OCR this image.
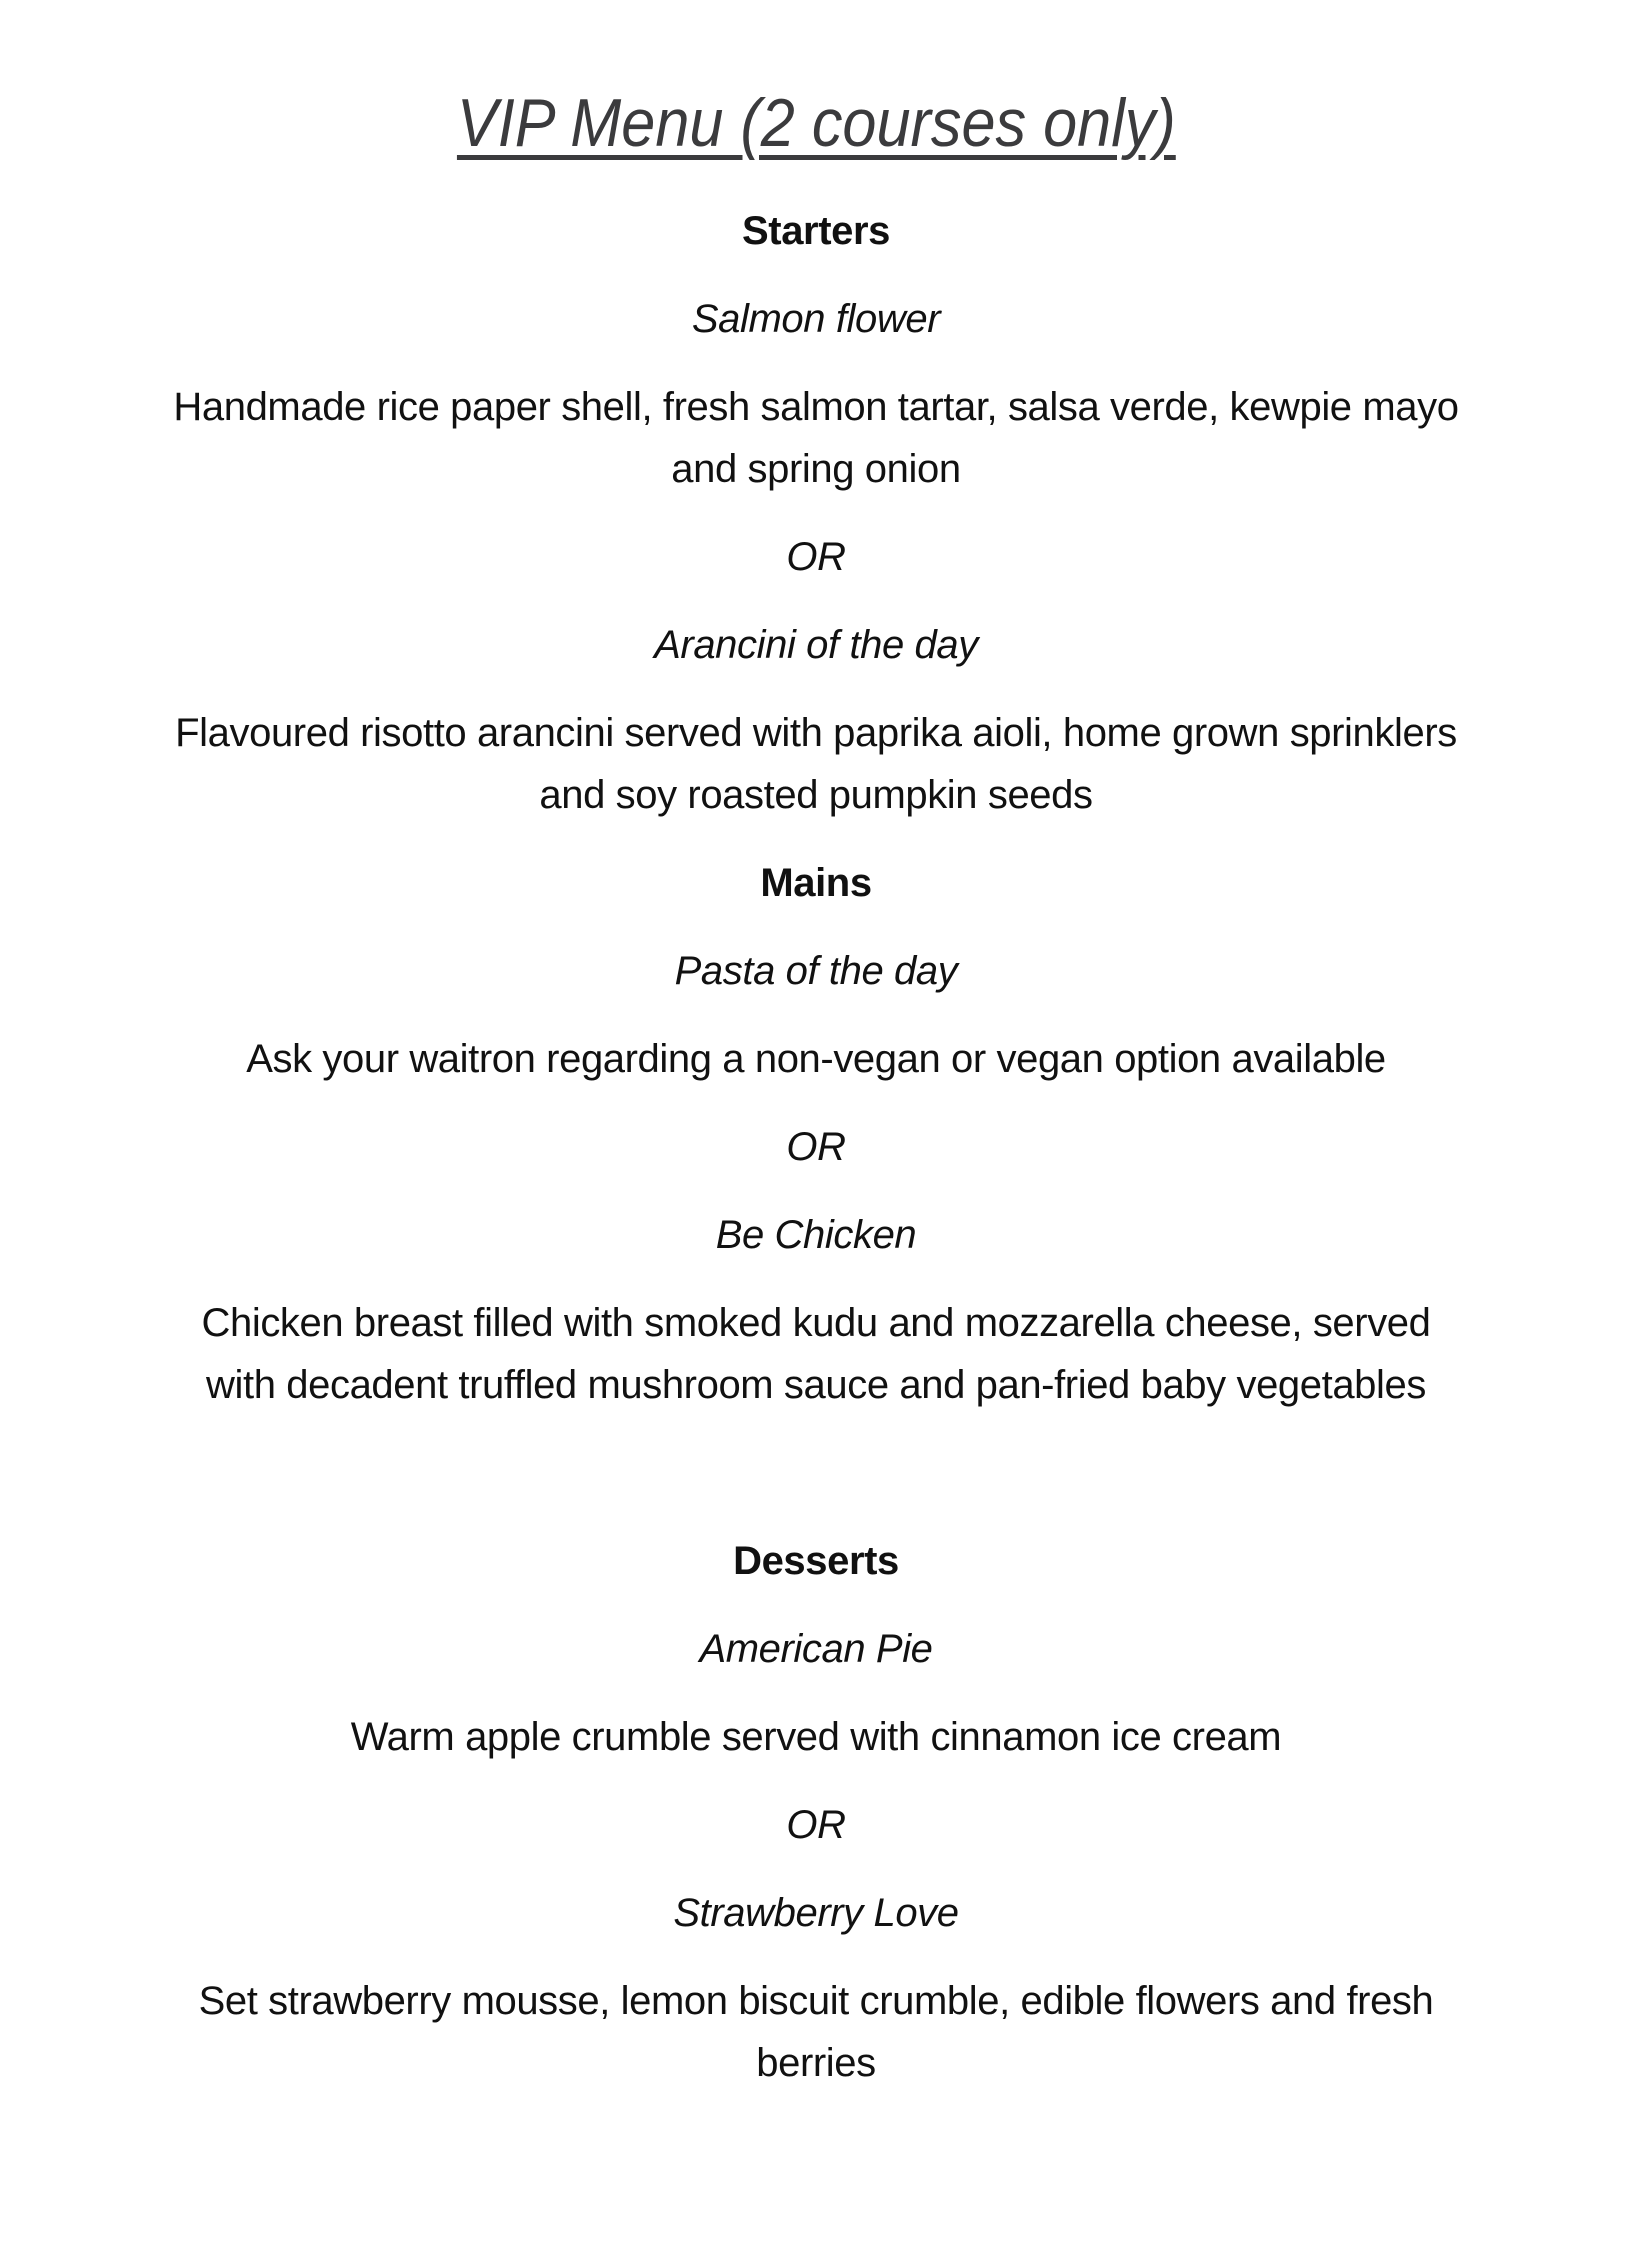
VIP Menu (2 courses only)
Starters

Salmon flower

Handmade rice paper shell, fresh salmon tartar, salsa verde, kewpie mayo and spring onion

OR

Arancini of the day

Flavoured risotto arancini served with paprika aioli, home grown sprinklers and soy roasted pumpkin seeds

Mains

Pasta of the day

Ask your waitron regarding a non-vegan or vegan option available

OR

Be Chicken

Chicken breast filled with smoked kudu and mozzarella cheese, served with decadent truffled mushroom sauce and pan-fried baby vegetables

Desserts

American Pie

Warm apple crumble served with cinnamon ice cream

OR

Strawberry Love

Set strawberry mousse, lemon biscuit crumble, edible flowers and fresh berries
